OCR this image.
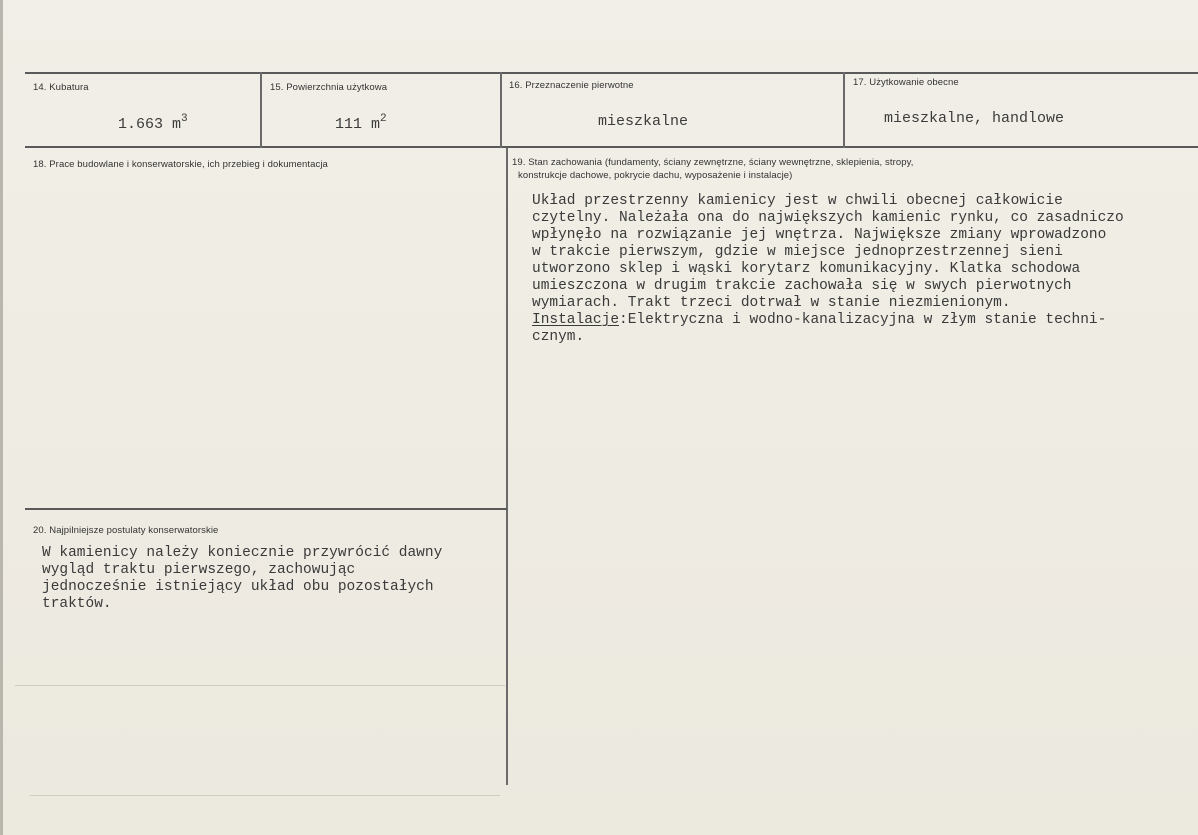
14. Kubatura
1.663 $m^3$
15. Powierzchnia użytkowa
111 $m^2$
16. Przeznaczenie pierwotne
mieszkalne
17. Użytkowanie obecne
mieszkalne, handlowe
18. Prace budowlane i konserwatorskie, ich przebieg i dokumentacja	19. Stan zachowania (fundamenty, ściany zewnętrzne, ściany wewnętrzne, sklepienia, stropy,
konstrukcje dachowe, pokrycie dachu, wyposażenie i instalacje)
Układ przestrzenny kamienicy jest w chwili obecnej całkowicie
czytelny. Należała ona do największych kamienic rynku, co zasadniczo
wpłynęło na rozwiązanie jej wnętrza. Największe zmiany wprowadzono
w trakcie pierwszym, gdzie w miejsce jednoprzestrzennej sieni
utworzono sklep i wąski korytarz komunikacyjny. Klatka schodowa
umieszczona w drugim trakcie zachowała się w swych pierwotnych
wymiarach. Trakt trzeci dotrwał w stanie niezmienionym.
Instalacje:Elektryczna i wodno-kanalizacyjna w złym stanie techni-
cznym.
20. Najpilniejsze postulaty konserwatorskie
W kamienicy należy koniecznie przywrócić dawny
wygląd traktu pierwszego, zachowując
jednocześnie istniejący układ obu pozostałych
traktów.
